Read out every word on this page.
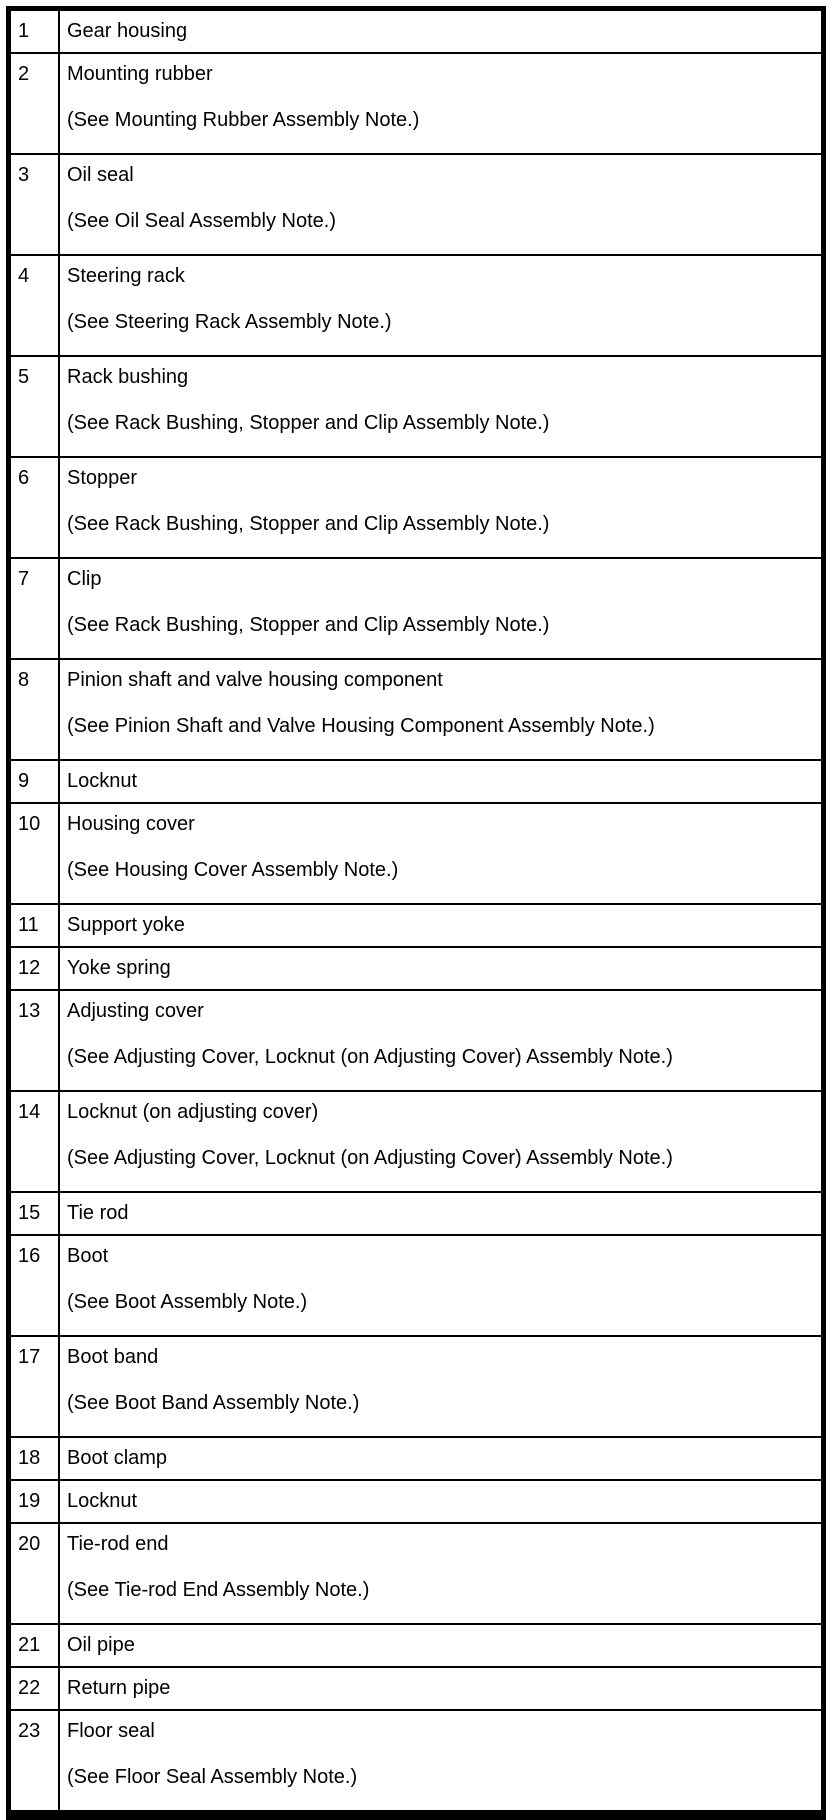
1	Gear housing

2	Mounting rubber
(See Mounting Rubber Assembly Note.)

3	Oil seal
(See Oil Seal Assembly Note.)

4	Steering rack
(See Steering Rack Assembly Note.)

5	Rack bushing
(See Rack Bushing, Stopper and Clip Assembly Note.)

6	Stopper
(See Rack Bushing, Stopper and Clip Assembly Note.)

7	Clip
(See Rack Bushing, Stopper and Clip Assembly Note.)

8	Pinion shaft and valve housing component
(See Pinion Shaft and Valve Housing Component Assembly Note.)

9	Locknut

10	Housing cover
(See Housing Cover Assembly Note.)

11	Support yoke

12	Yoke spring

13	Adjusting cover
(See Adjusting Cover, Locknut (on Adjusting Cover) Assembly Note.)

14	Locknut (on adjusting cover)
(See Adjusting Cover, Locknut (on Adjusting Cover) Assembly Note.)

15	Tie rod

16	Boot
(See Boot Assembly Note.)

17	Boot band
(See Boot Band Assembly Note.)

18	Boot clamp

19	Locknut

20	Tie-rod end
(See Tie-rod End Assembly Note.)

21	Oil pipe

22	Return pipe

23	Floor seal
(See Floor Seal Assembly Note.)
